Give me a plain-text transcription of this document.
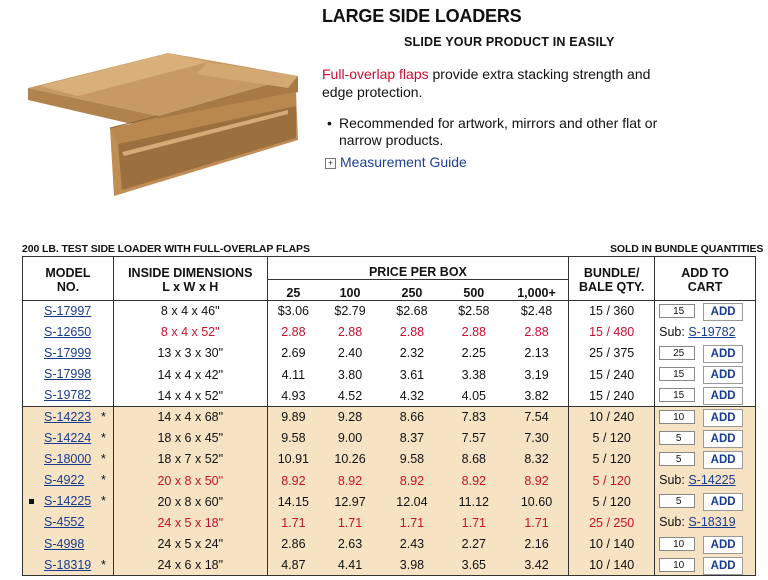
LARGE SIDE LOADERS
SLIDE YOUR PRODUCT IN EASILY
Full-overlap flaps provide extra stacking strength and edge protection.
• Recommended for artwork, mirrors and other flat or narrow products.
+ Measurement Guide
200 LB. TEST SIDE LOADER WITH FULL-OVERLAP FLAPS	SOLD IN BUNDLE QUANTITIES
MODEL	INSIDE DIMENSIONS	PRICE PER BOX					BUNDLE/	ADD TO
NO.	L x W x H	25	100	250	500	1,000+	BALE QTY.	CART

S-17997	8 x 4 x 46"	$3.06	$2.79	$2.68	$2.58	$2.48	15 / 360	15 ADD

S-12650	8 x 4 x 52"	2.88	2.88	2.88	2.88	2.88	15 / 480	Sub: S-19782

S-17999	13 x 3 x 30"	2.69	2.40	2.32	2.25	2.13	25 / 375	25 ADD

S-17998	14 x 4 x 42"	4.11	3.80	3.61	3.38	3.19	15 / 240	15 ADD

S-19782	14 x 4 x 52"	4.93	4.52	4.32	4.05	3.82	15 / 240	15 ADD

S-14223 *	14 x 4 x 68"	9.89	9.28	8.66	7.83	7.54	10 / 240	10 ADD

S-14224 *	18 x 6 x 45"	9.58	9.00	8.37	7.57	7.30	5 / 120	5 ADD

S-18000 *	18 x 7 x 52"	10.91	10.26	9.58	8.68	8.32	5 / 120	5 ADD

S-4922 *	20 x 8 x 50"	8.92	8.92	8.92	8.92	8.92	5 / 120	Sub: S-14225

S-14225 *	20 x 8 x 60"	14.15	12.97	12.04	11.12	10.60	5 / 120	5 ADD

S-4552	24 x 5 x 18"	1.71	1.71	1.71	1.71	1.71	25 / 250	Sub: S-18319

S-4998	24 x 5 x 24"	2.86	2.63	2.43	2.27	2.16	10 / 140	10 ADD

S-18319 *	24 x 6 x 18"	4.87	4.41	3.98	3.65	3.42	10 / 140	10 ADD
